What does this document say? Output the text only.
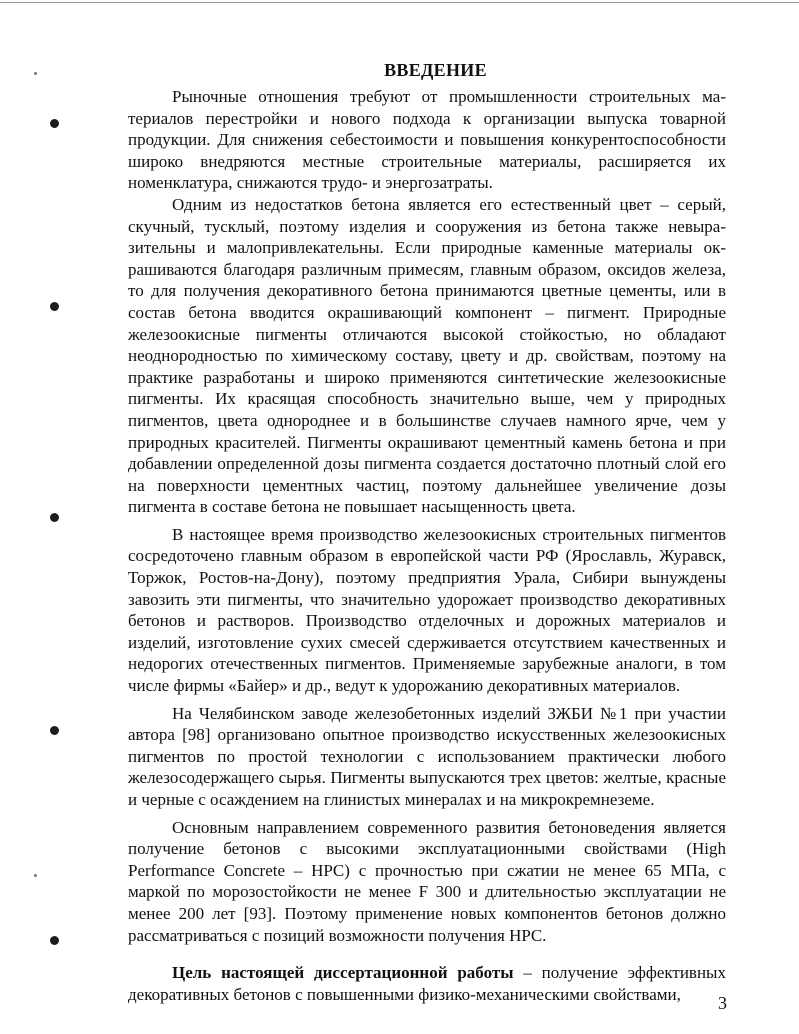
ВВЕДЕНИЕ

Рыночные отношения требуют от промышленности строительных материалов перестройки и нового подхода к организации выпуска товарной продукции. Для снижения себестоимости и повышения конкурентоспособности широко внедряются местные строительные материалы, расширяется их номенклатура, снижаются трудо- и энергозатраты.

Одним из недостатков бетона является его естественный цвет – серый, скучный, тусклый, поэтому изделия и сооружения из бетона также невыразительны и малопривлекательны. Если природные каменные материалы окрашиваются благодаря различным примесям, главным образом, оксидов железа, то для получения декоративного бетона принимаются цветные цементы, или в состав бетона вводится окрашивающий компонент – пигмент. Природные железоокисные пигменты отличаются высокой стойкостью, но обладают неоднородностью по химическому составу, цвету и др. свойствам, поэтому на практике разработаны и широко применяются синтетические железоокисные пигменты. Их красящая способность значительно выше, чем у природных пигментов, цвета однороднее и в большинстве случаев намного ярче, чем у природных красителей. Пигменты окрашивают цементный камень бетона и при добавлении определенной дозы пигмента создается достаточно плотный слой его на поверхности цементных частиц, поэтому дальнейшее увеличение дозы пигмента в составе бетона не повышает насыщенность цвета.

В настоящее время производство железоокисных строительных пигментов сосредоточено главным образом в европейской части РФ (Ярославль, Журавск, Торжок, Ростов-на-Дону), поэтому предприятия Урала, Сибири вынуждены завозить эти пигменты, что значительно удорожает производство декоративных бетонов и растворов. Производство отделочных и дорожных материалов и изделий, изготовление сухих смесей сдерживается отсутствием качественных и недорогих отечественных пигментов. Применяемые зарубежные аналоги, в том числе фирмы «Байер» и др., ведут к удорожанию декоративных материалов.

На Челябинском заводе железобетонных изделий ЗЖБИ №1 при участии автора [98] организовано опытное производство искусственных железоокисных пигментов по простой технологии с использованием практически любого железосодержащего сырья. Пигменты выпускаются трех цветов: желтые, красные и черные с осаждением на глинистых минералах и на микрокремнеземе.

Основным направлением современного развития бетоноведения является получение бетонов с высокими эксплуатационными свойствами (High Performance Concrete – HPC) с прочностью при сжатии не менее 65 МПа, с маркой по морозостойкости не менее F 300 и длительностью эксплуатации не менее 200 лет [93]. Поэтому применение новых компонентов бетонов должно рассматриваться с позиций возможности получения HPC.

Цель настоящей диссертационной работы – получение эффективных декоративных бетонов с повышенными физико-механическими свойствами,	3
